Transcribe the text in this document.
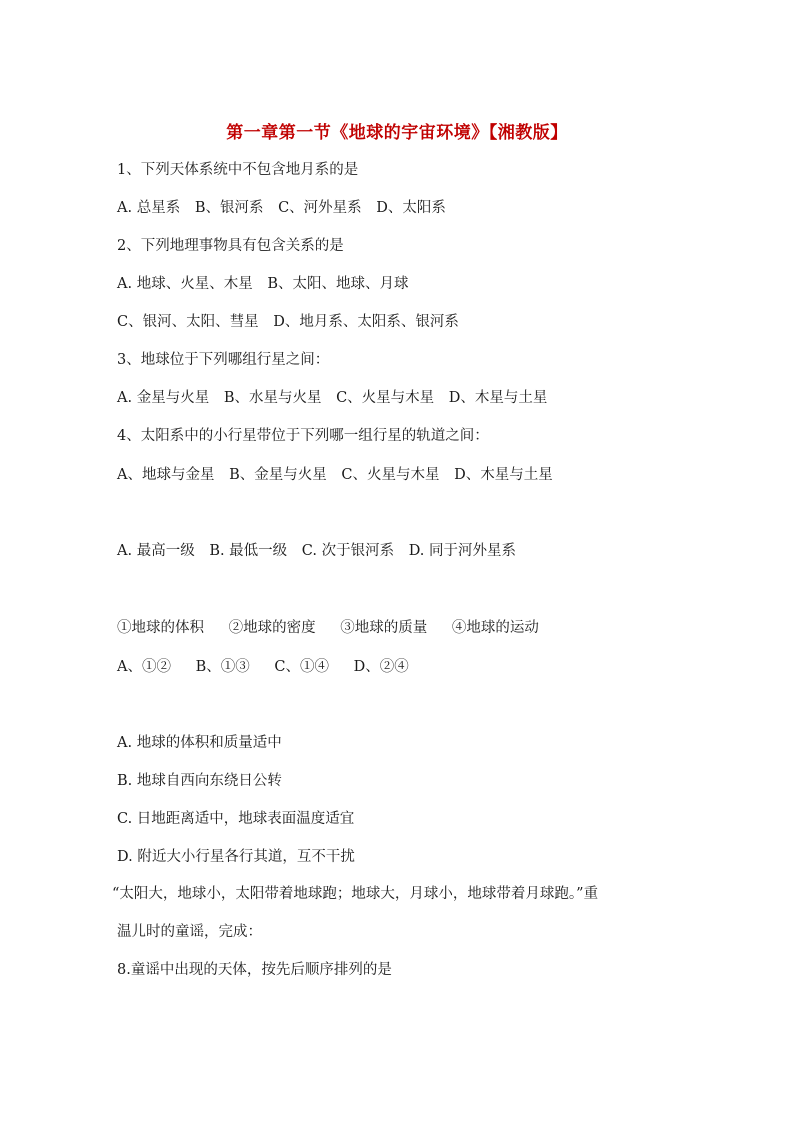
第一章第一节《地球的宇宙环境》【湘教版】
1、下列天体系统中不包含地月系的是
A. 总星系 B、银河系 C、河外星系 D、太阳系
2、下列地理事物具有包含关系的是
A. 地球、火星、木星 B、太阳、地球、月球
C、银河、太阳、彗星 D、地月系、太阳系、银河系
3、地球位于下列哪组行星之间：
A. 金星与火星 B、水星与火星 C、火星与木星 D、木星与土星
4、太阳系中的小行星带位于下列哪一组行星的轨道之间：
A、地球与金星 B、金星与火星 C、火星与木星 D、木星与土星
A. 最高一级 B. 最低一级 C. 次于银河系 D. 同于河外星系
①地球的体积 ②地球的密度 ③地球的质量 ④地球的运动
A、①② B、①③ C、①④ D、②④
A. 地球的体积和质量适中
B. 地球自西向东绕日公转
C. 日地距离适中，地球表面温度适宜
D. 附近大小行星各行其道，互不干扰
“太阳大，地球小，太阳带着地球跑；地球大，月球小，地球带着月球跑。”重
温儿时的童谣，完成：
8.童谣中出现的天体，按先后顺序排列的是
